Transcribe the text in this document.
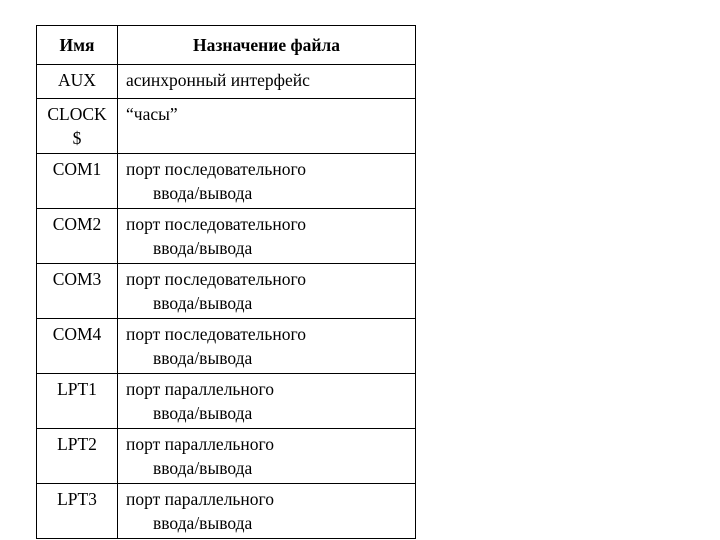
Имя	Назначение файла

AUX	асинхронный интерфейс

CLOCK$	“часы”

COM1	порт последовательного
ввода/вывода

COM2	порт последовательного
ввода/вывода

COM3	порт последовательного
ввода/вывода

COM4	порт последовательного
ввода/вывода

LPT1	порт параллельного
ввода/вывода

LPT2	порт параллельного
ввода/вывода

LPT3	порт параллельного
ввода/вывода
